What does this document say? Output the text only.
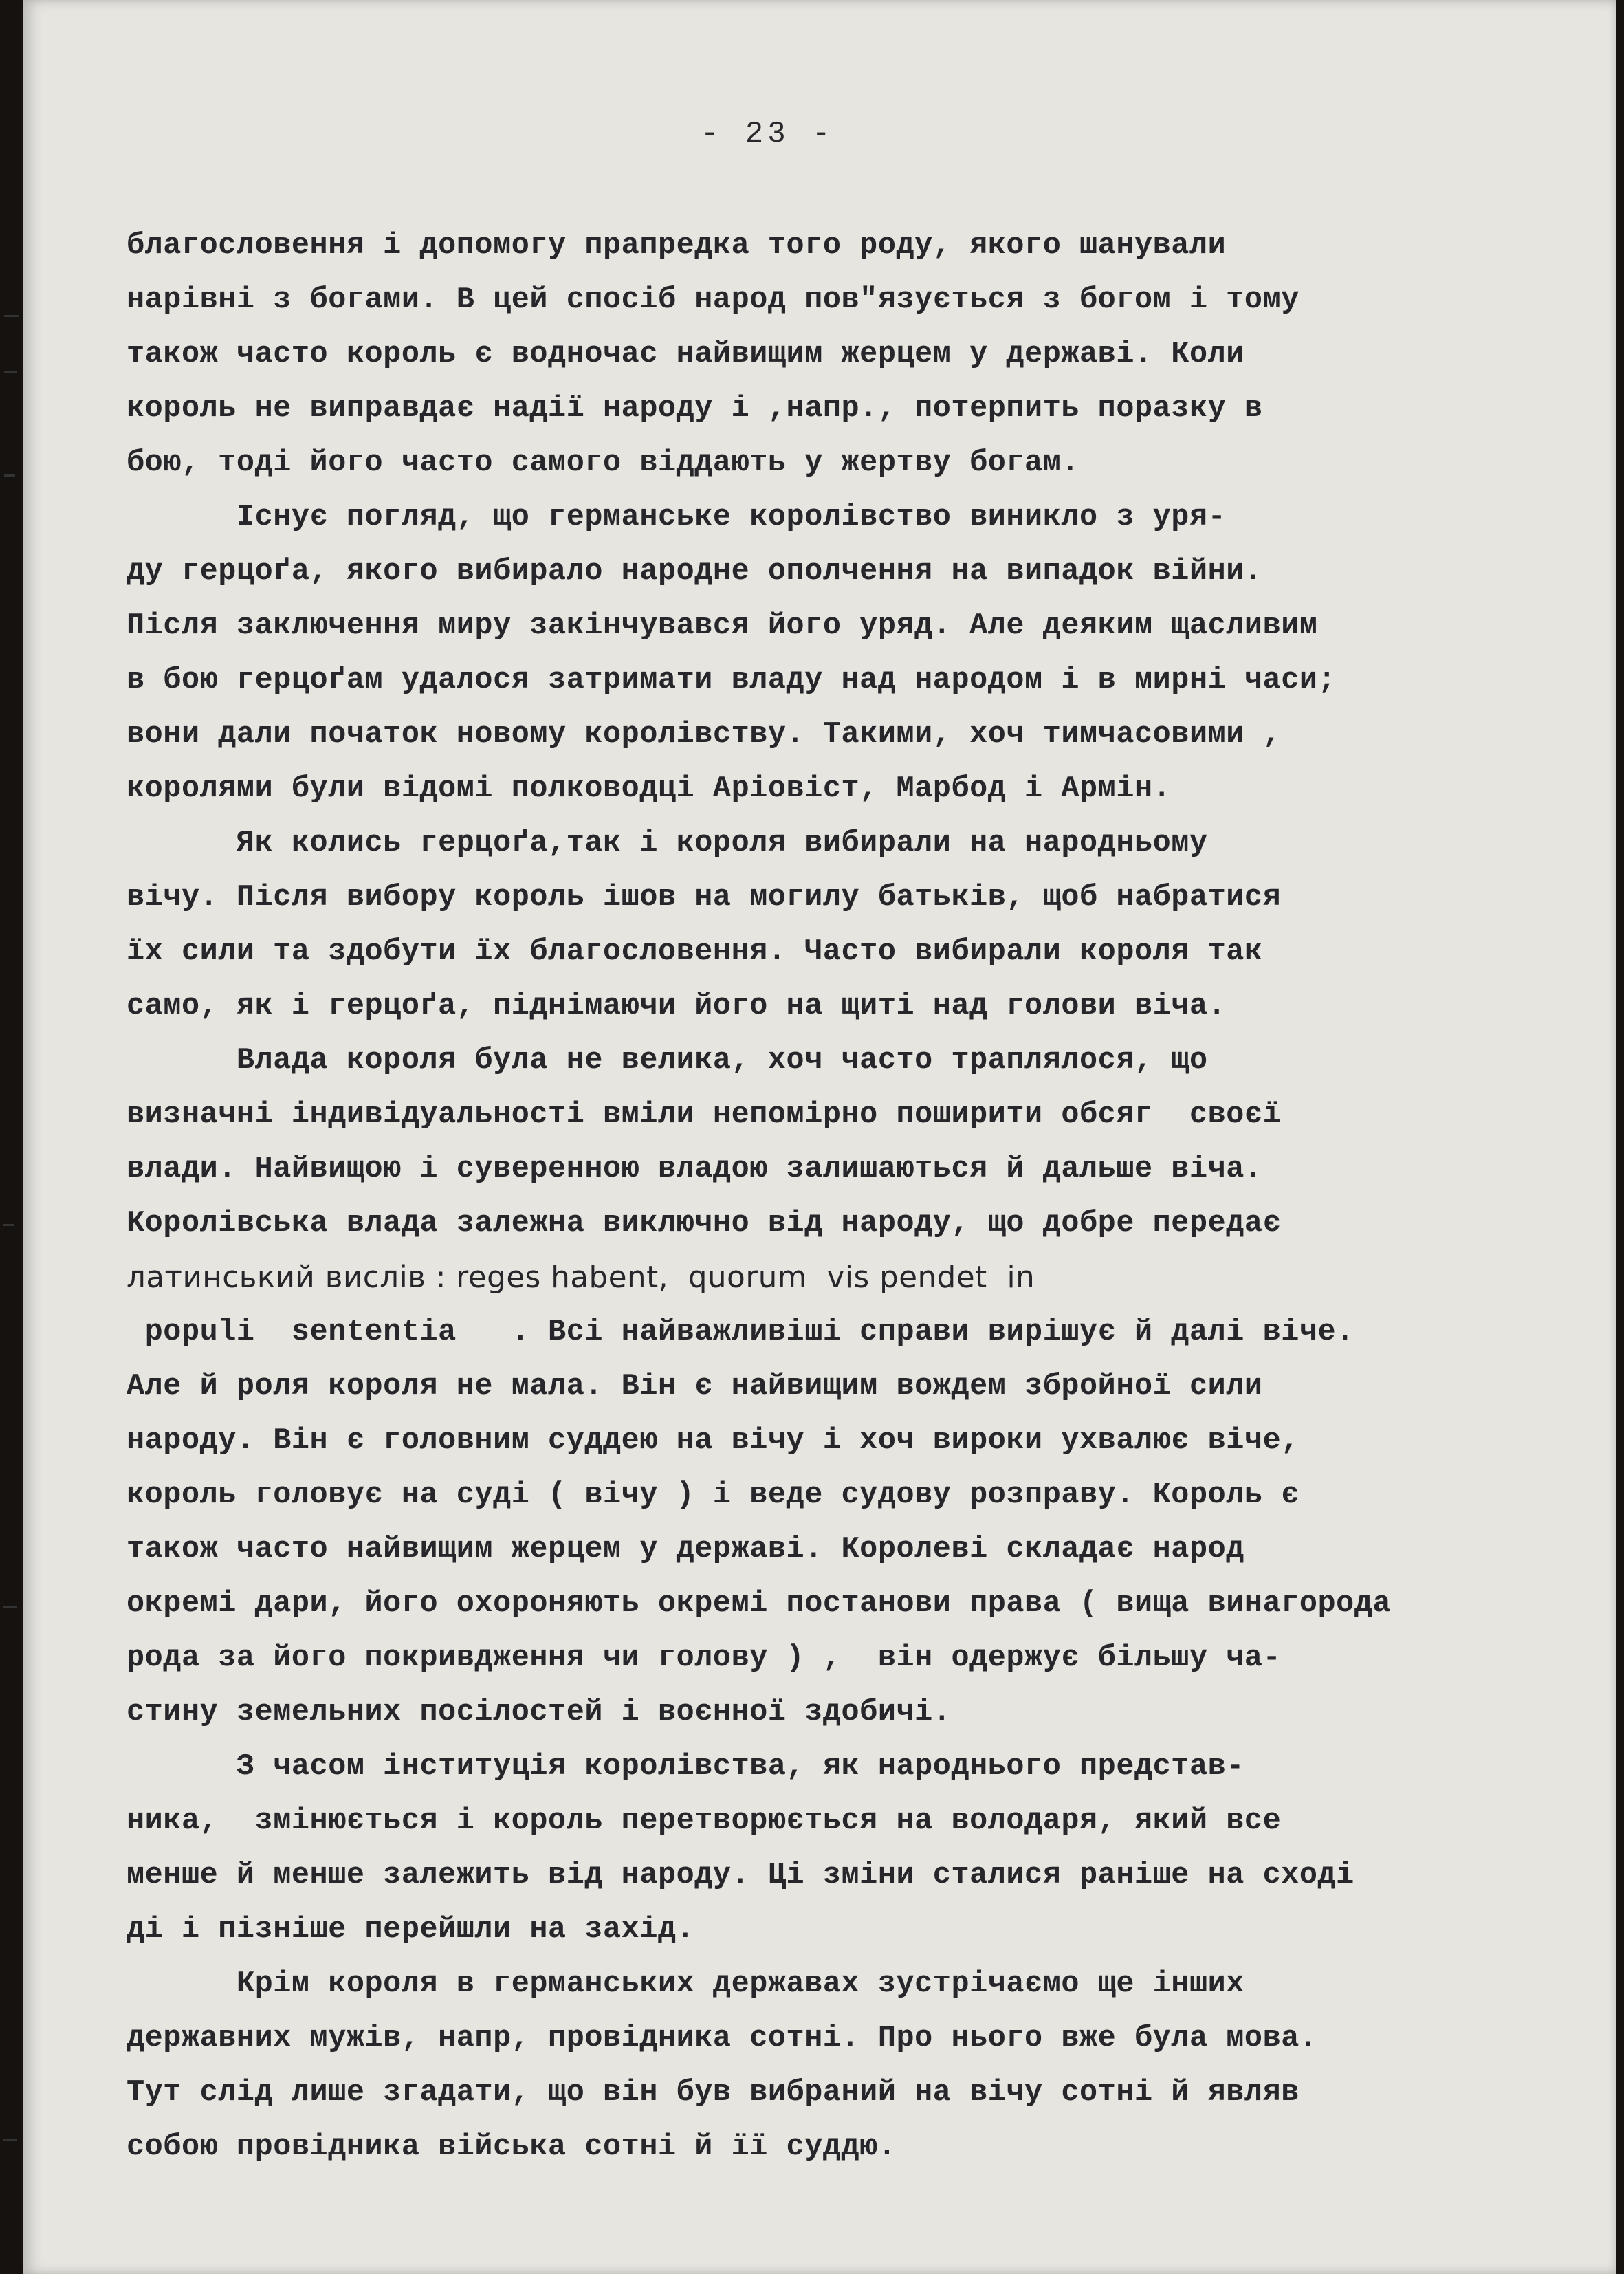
- 23 -
благословення і допомогу прапредка того роду, якого шанували
нарівні з богами. В цей спосіб народ пов"язується з богом і тому
також часто король є водночас найвищим жерцем у державі. Коли
король не виправдає надії народу і ,напр., потерпить поразку в
бою, тоді його часто самого віддають у жертву богам.
Існує погляд, що германське королівство виникло з уря-
ду герцоґа, якого вибирало народне ополчення на випадок війни.
Після заключення миру закінчувався його уряд. Але деяким щасливим
в бою герцоґам удалося затримати владу над народом і в мирні часи;
вони дали початок новому королівству. Такими, хоч тимчасовими ,
королями були відомі полководці Аріовіст, Марбод і Армін.
Як колись герцоґа,так і короля вибирали на народньому
вічу. Після вибору король ішов на могилу батьків, щоб набратися
їх сили та здобути їх благословення. Часто вибирали короля так
само, як і герцоґа, піднімаючи його на щиті над голови віча.
Влада короля була не велика, хоч часто траплялося, що
визначні індивідуальності вміли непомірно поширити обсяг  своєї
влади. Найвищою і суверенною владою залишаються й дальше віча.
Королівська влада залежна виключно від народу, що добре передає
латинський вислів : reges habent,  quorum  vis pendet  in
populi  sententia   . Всі найважливіші справи вирішує й далі віче.
Але й роля короля не мала. Він є найвищим вождем збройної сили
народу. Він є головним суддею на вічу і хоч вироки ухвалює віче,
король головує на суді ( вічу ) і веде судову розправу. Король є
також часто найвищим жерцем у державі. Королеві складає народ
окремі дари, його охороняють окремі постанови права ( вища винагорода
рода за його покривдження чи голову ) ,  він одержує більшу ча-
стину земельних посілостей і воєнної здобичі.
З часом інституція королівства, як народнього представ-
ника,  змінюється і король перетворюється на володаря, який все
менше й менше залежить від народу. Ці зміни сталися раніше на сході
ді і пізніше перейшли на захід.
Крім короля в германських державах зустрічаємо ще інших
державних мужів, напр, провідника сотні. Про нього вже була мова.
Тут слід лише згадати, що він був вибраний на вічу сотні й являв
собою провідника війська сотні й її суддю.
